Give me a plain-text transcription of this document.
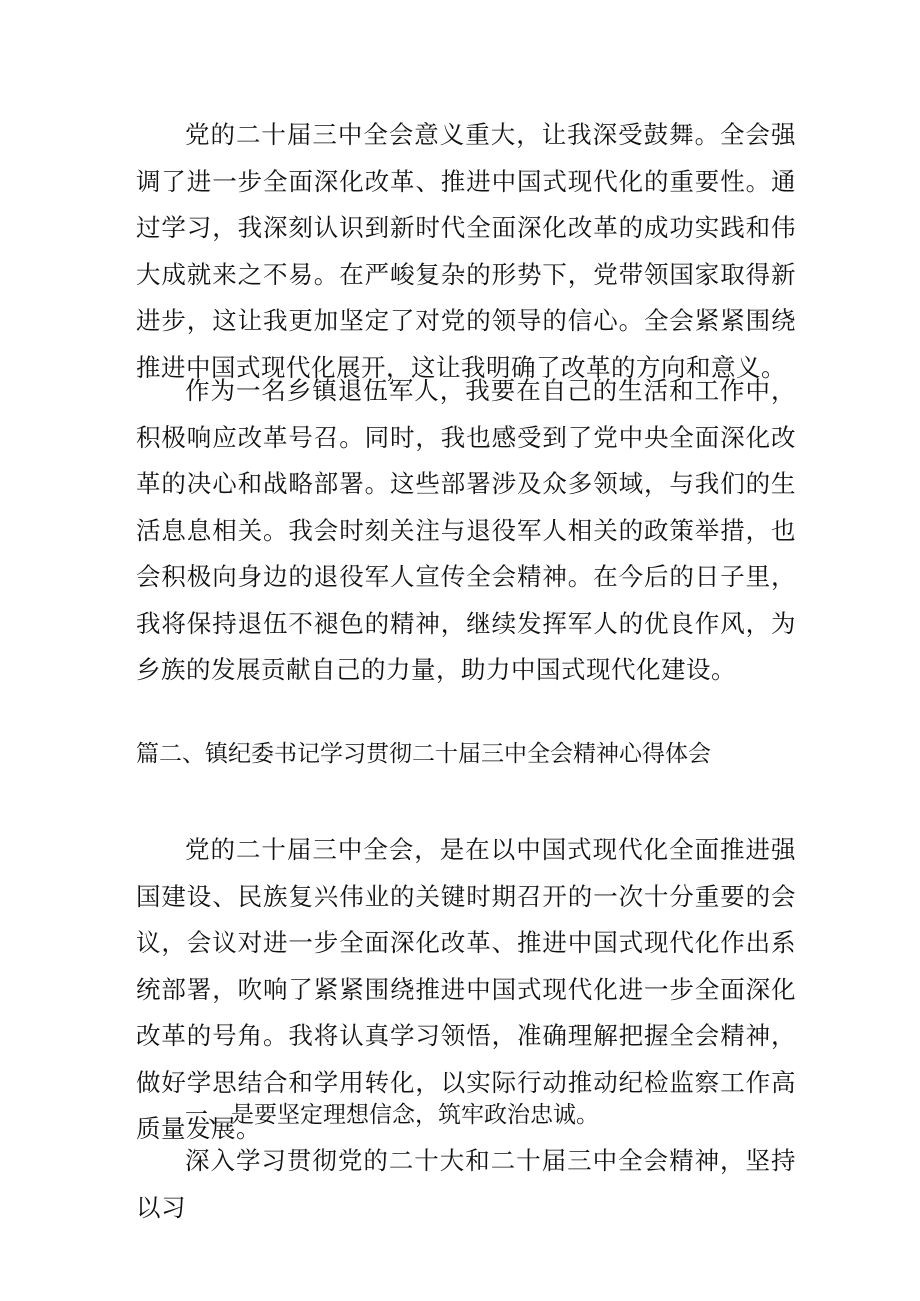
党的二十届三中全会意义重大，让我深受鼓舞。全会强调了进一步全面深化改革、推进中国式现代化的重要性。通过学习，我深刻认识到新时代全面深化改革的成功实践和伟大成就来之不易。在严峻复杂的形势下，党带领国家取得新进步，这让我更加坚定了对党的领导的信心。全会紧紧围绕推进中国式现代化展开，这让我明确了改革的方向和意义。

作为一名乡镇退伍军人，我要在自己的生活和工作中，积极响应改革号召。同时，我也感受到了党中央全面深化改革的决心和战略部署。这些部署涉及众多领域，与我们的生活息息相关。我会时刻关注与退役军人相关的政策举措，也会积极向身边的退役军人宣传全会精神。在今后的日子里，我将保持退伍不褪色的精神，继续发挥军人的优良作风，为乡族的发展贡献自己的力量，助力中国式现代化建设。

篇二、镇纪委书记学习贯彻二十届三中全会精神心得体会

党的二十届三中全会，是在以中国式现代化全面推进强国建设、民族复兴伟业的关键时期召开的一次十分重要的会议，会议对进一步全面深化改革、推进中国式现代化作出系统部署，吹响了紧紧围绕推进中国式现代化进一步全面深化改革的号角。我将认真学习领悟，准确理解把握全会精神，做好学思结合和学用转化，以实际行动推动纪检监察工作高质量发展。

一、是要坚定理想信念，筑牢政治忠诚。

深入学习贯彻党的二十大和二十届三中全会精神，坚持以习
